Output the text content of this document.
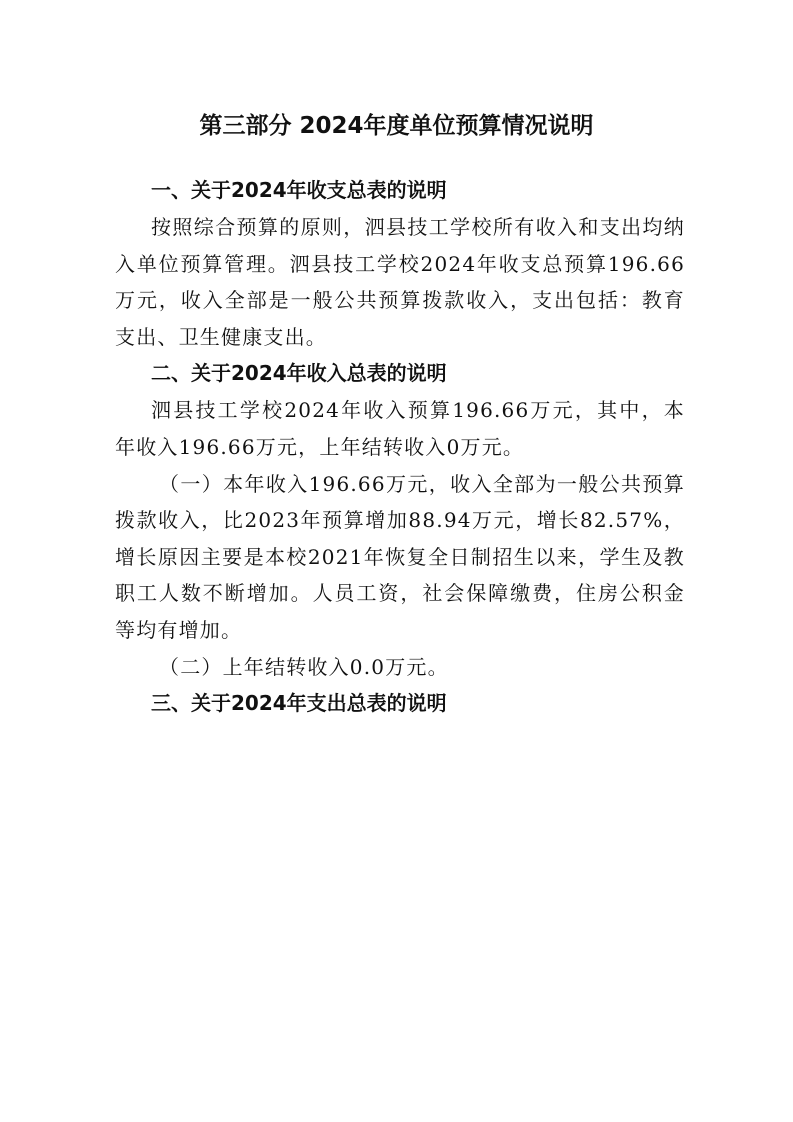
第三部分 2024年度单位预算情况说明

一、关于2024年收支总表的说明

按照综合预算的原则，泗县技工学校所有收入和支出均纳入单位预算管理。泗县技工学校2024年收支总预算196.66万元，收入全部是一般公共预算拨款收入，支出包括：教育支出、卫生健康支出。

二、关于2024年收入总表的说明

泗县技工学校2024年收入预算196.66万元，其中，本年收入196.66万元，上年结转收入0万元。

（一）本年收入196.66万元，收入全部为一般公共预算拨款收入，比2023年预算增加88.94万元，增长82.57%，增长原因主要是本校2021年恢复全日制招生以来，学生及教职工人数不断增加。人员工资，社会保障缴费，住房公积金等均有增加。

（二）上年结转收入0.0万元。

三、关于2024年支出总表的说明
